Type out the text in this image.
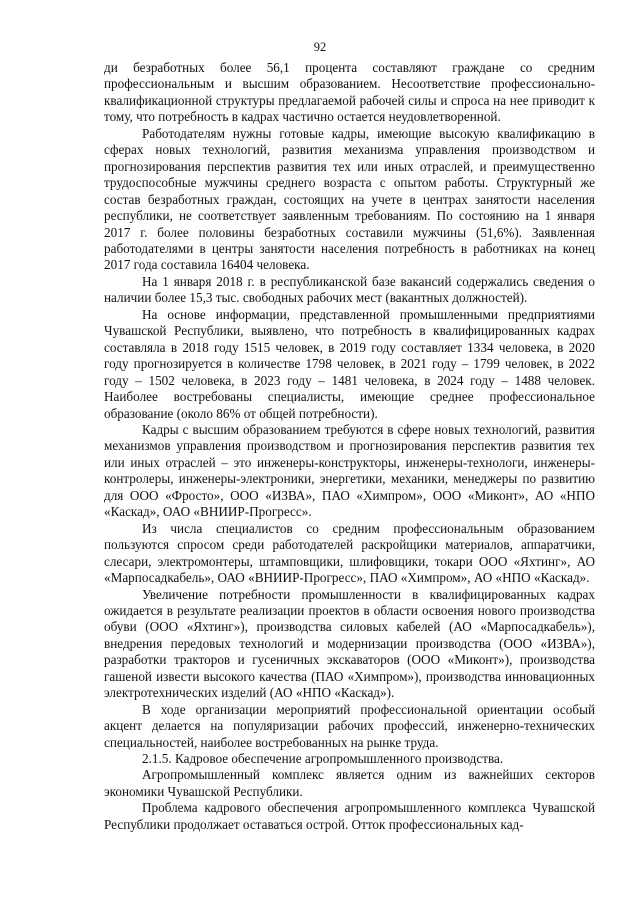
92

ди безработных более 56,1 процента составляют граждане со средним профессиональным и высшим образованием. Несоответствие профессионально-квалификационной структуры предлагаемой рабочей силы и спроса на нее приводит к тому, что потребность в кадрах частично остается неудовлетворенной.

Работодателям нужны готовые кадры, имеющие высокую квалификацию в сферах новых технологий, развития механизма управления производством и прогнозирования перспектив развития тех или иных отраслей, и преимущественно трудоспособные мужчины среднего возраста с опытом работы. Структурный же состав безработных граждан, состоящих на учете в центрах занятости населения республики, не соответствует заявленным требованиям. По состоянию на 1 января 2017 г. более половины безработных составили мужчины (51,6%). Заявленная работодателями в центры занятости населения потребность в работниках на конец 2017 года составила 16404 человека.

На 1 января 2018 г. в республиканской базе вакансий содержались сведения о наличии более 15,3 тыс. свободных рабочих мест (вакантных должностей).

На основе информации, представленной промышленными предприятиями Чувашской Республики, выявлено, что потребность в квалифицированных кадрах составляла в 2018 году 1515 человек, в 2019 году составляет 1334 человека, в 2020 году прогнозируется в количестве 1798 человек, в 2021 году – 1799 человек, в 2022 году – 1502 человека, в 2023 году – 1481 человека, в 2024 году – 1488 человек. Наиболее востребованы специалисты, имеющие среднее профессиональное образование (около 86% от общей потребности).

Кадры с высшим образованием требуются в сфере новых технологий, развития механизмов управления производством и прогнозирования перспектив развития тех или иных отраслей – это инженеры-конструкторы, инженеры-технологи, инженеры-контролеры, инженеры-электроники, энергетики, механики, менеджеры по развитию для ООО «Фросто», ООО «ИЗВА», ПАО «Химпром», ООО «Миконт», АО «НПО «Каскад», ОАО «ВНИИР-Прогресс».

Из числа специалистов со средним профессиональным образованием пользуются спросом среди работодателей раскройщики материалов, аппаратчики, слесари, электромонтеры, штамповщики, шлифовщики, токари ООО «Яхтинг», АО «Марпосадкабель», ОАО «ВНИИР-Прогресс», ПАО «Химпром», АО «НПО «Каскад».

Увеличение потребности промышленности в квалифицированных кадрах ожидается в результате реализации проектов в области освоения нового производства обуви (ООО «Яхтинг»), производства силовых кабелей (АО «Марпосадкабель»), внедрения передовых технологий и модернизации производства (ООО «ИЗВА»), разработки тракторов и гусеничных экскаваторов (ООО «Миконт»), производства гашеной извести высокого качества (ПАО «Химпром»), производства инновационных электротехнических изделий (АО «НПО «Каскад»).

В ходе организации мероприятий профессиональной ориентации особый акцент делается на популяризации рабочих профессий, инженерно-технических специальностей, наиболее востребованных на рынке труда.

2.1.5. Кадровое обеспечение агропромышленного производства.

Агропромышленный комплекс является одним из важнейших секторов экономики Чувашской Республики.

Проблема кадрового обеспечения агропромышленного комплекса Чувашской Республики продолжает оставаться острой. Отток профессиональных кад-
